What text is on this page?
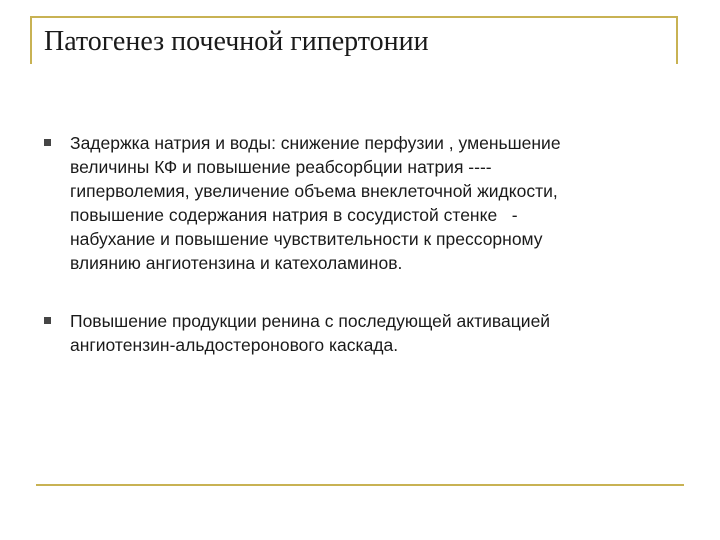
Патогенез почечной гипертонии

Задержка натрия и воды: снижение перфузии , уменьшение
величины КФ и повышение реабсорбции натрия ----
гиперволемия, увеличение объема внеклеточной жидкости,
повышение содержания натрия в сосудистой стенке   -
набухание и повышение чувствительности к прессорному
влиянию ангиотензина и катехоламинов.

Повышение продукции ренина с последующей активацией
ангиотензин-альдостеронового каскада.
